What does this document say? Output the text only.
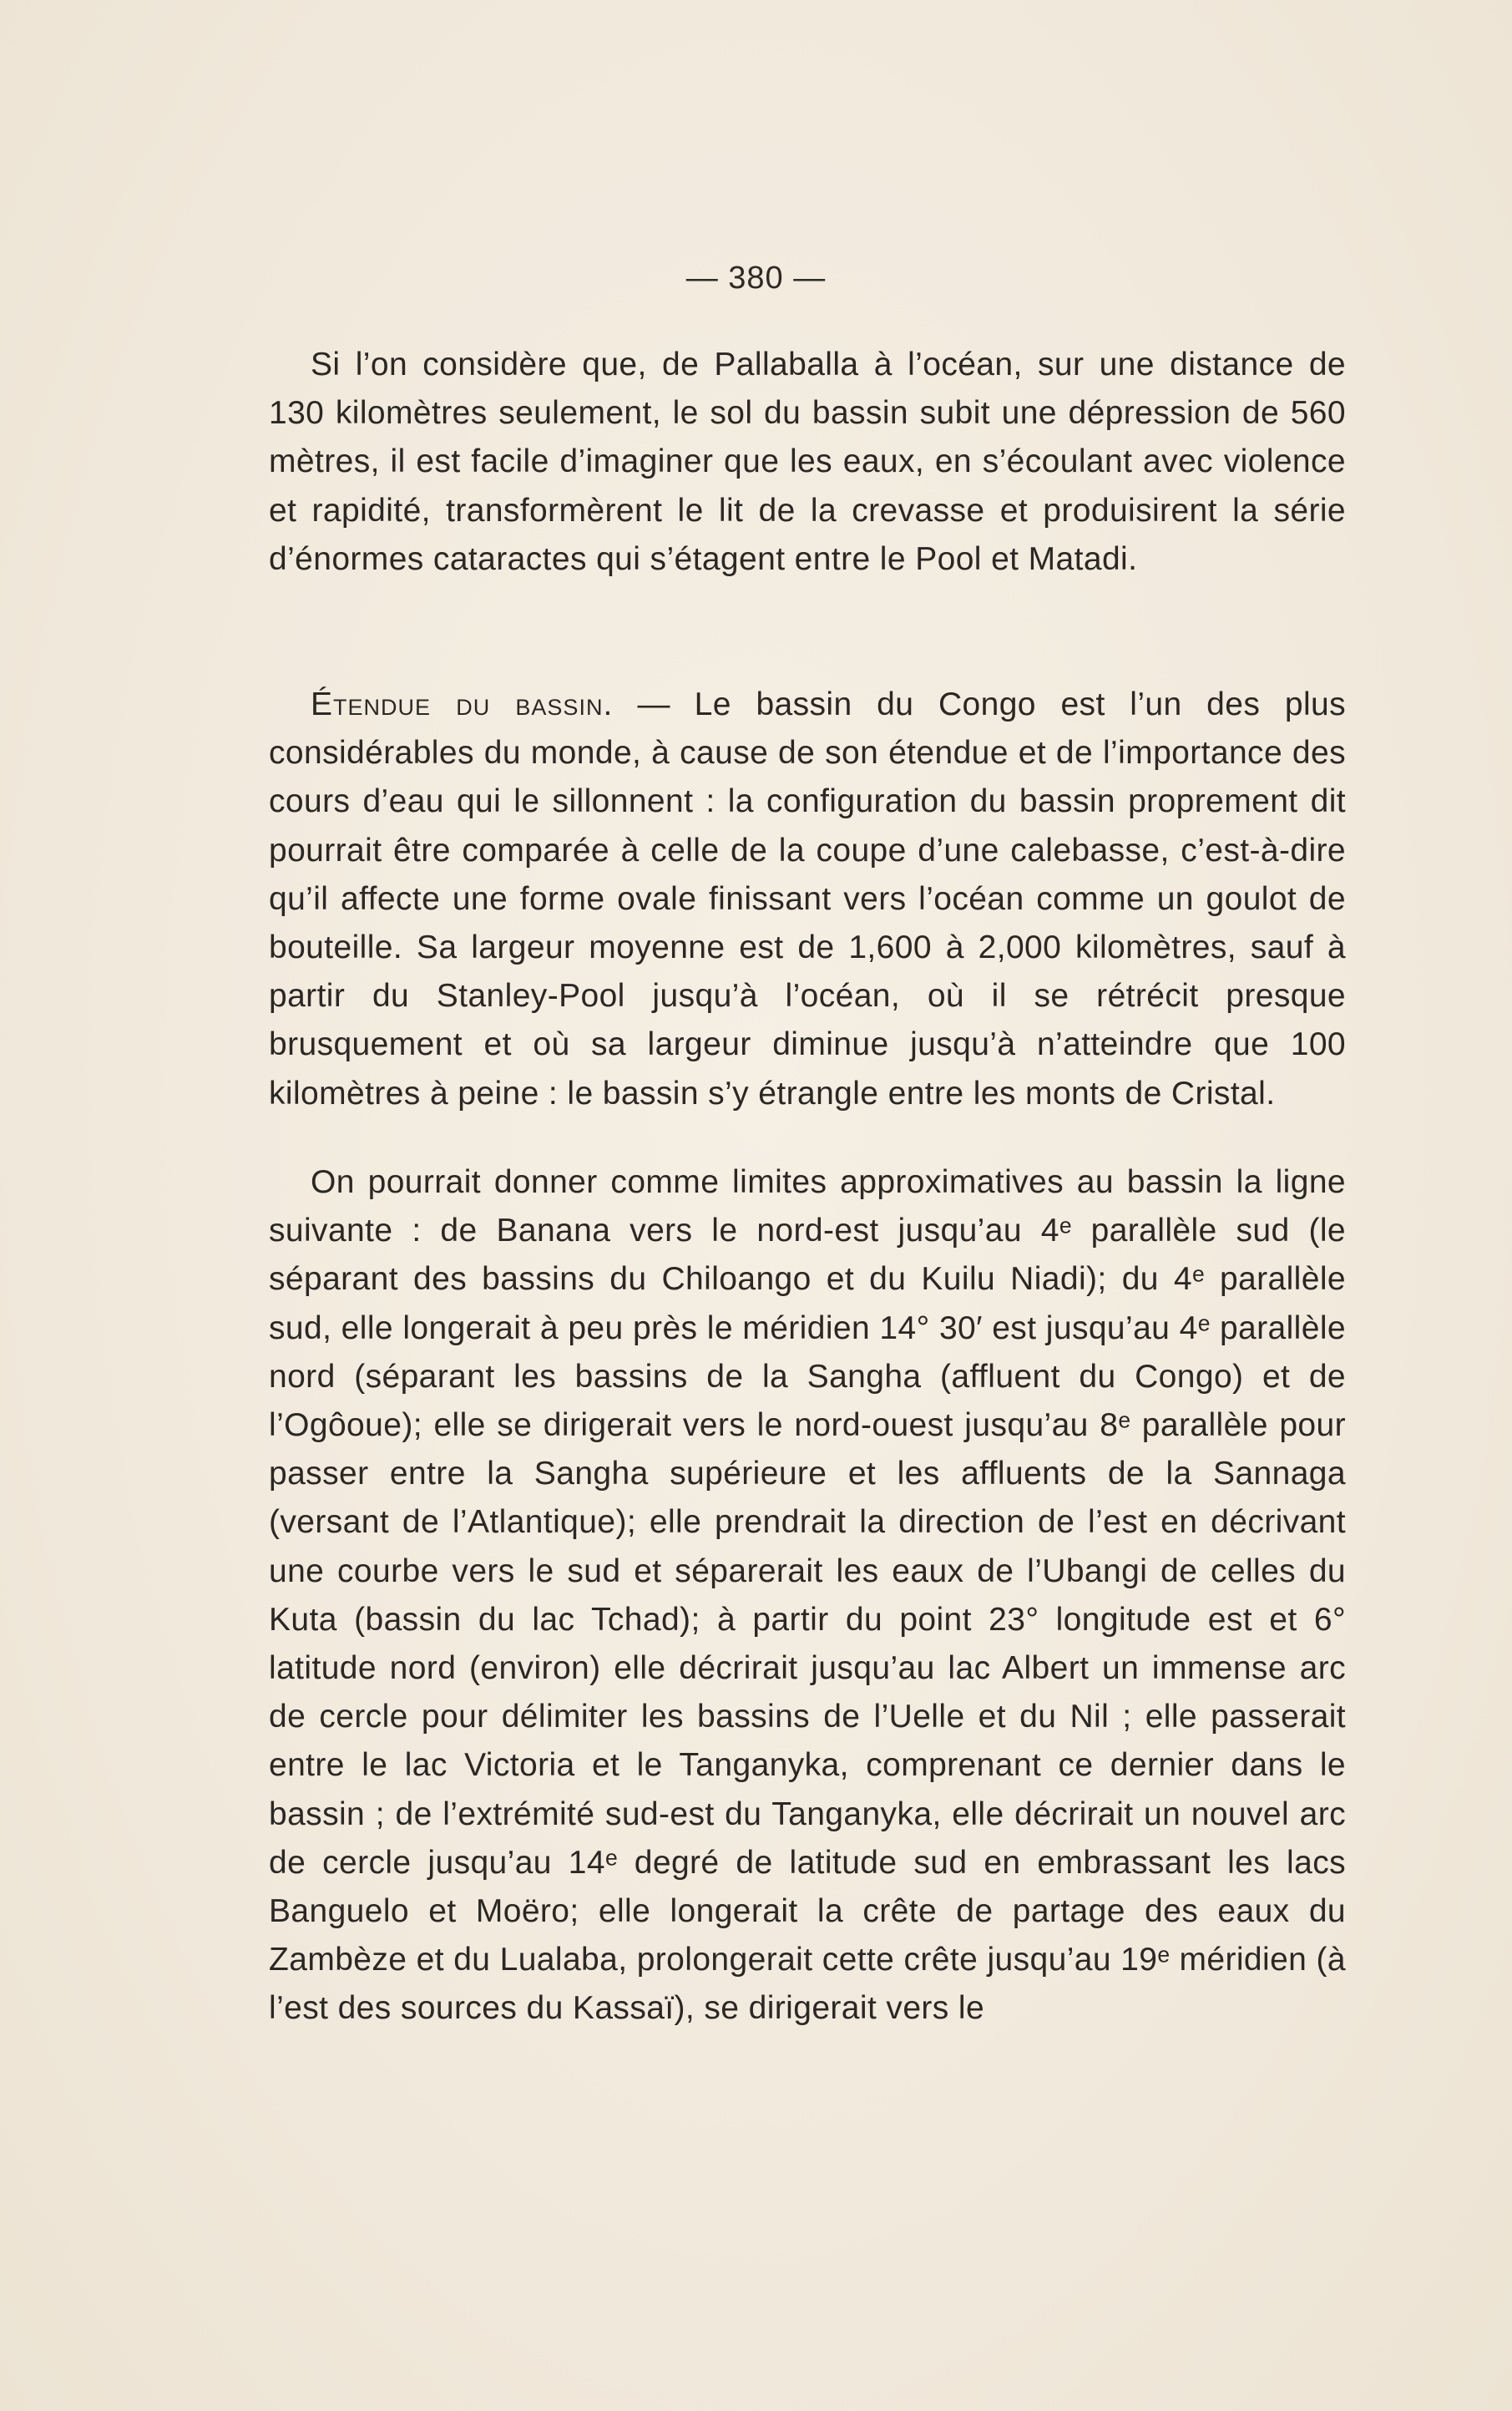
— 380 —

Si l’on considère que, de Pallaballa à l’océan, sur une distance de 130 kilomètres seulement, le sol du bassin subit une dépression de 560 mètres, il est facile d’imaginer que les eaux, en s’écoulant avec violence et rapidité, transformèrent le lit de la crevasse et produisirent la série d’énormes cataractes qui s’étagent entre le Pool et Matadi.

Étendue du bassin. — Le bassin du Congo est l’un des plus considérables du monde, à cause de son étendue et de l’importance des cours d’eau qui le sillonnent : la configuration du bassin proprement dit pourrait être comparée à celle de la coupe d’une calebasse, c’est-à-dire qu’il affecte une forme ovale finissant vers l’océan comme un goulot de bouteille. Sa largeur moyenne est de 1,600 à 2,000 kilomètres, sauf à partir du Stanley-Pool jusqu’à l’océan, où il se rétrécit presque brusquement et où sa largeur diminue jusqu’à n’atteindre que 100 kilomètres à peine : le bassin s’y étrangle entre les monts de Cristal.

On pourrait donner comme limites approximatives au bassin la ligne suivante : de Banana vers le nord-est jusqu’au 4ᵉ parallèle sud (le séparant des bassins du Chiloango et du Kuilu Niadi); du 4ᵉ parallèle sud, elle longerait à peu près le méridien 14° 30′ est jusqu’au 4ᵉ parallèle nord (séparant les bassins de la Sangha (affluent du Congo) et de l’Ogôoue); elle se dirigerait vers le nord-ouest jusqu’au 8ᵉ parallèle pour passer entre la Sangha supérieure et les affluents de la Sannaga (versant de l’Atlantique); elle prendrait la direction de l’est en décrivant une courbe vers le sud et séparerait les eaux de l’Ubangi de celles du Kuta (bassin du lac Tchad); à partir du point 23° longitude est et 6° latitude nord (environ) elle décrirait jusqu’au lac Albert un immense arc de cercle pour délimiter les bassins de l’Uelle et du Nil ; elle passerait entre le lac Victoria et le Tanganyka, comprenant ce dernier dans le bassin ; de l’extrémité sud-est du Tanganyka, elle décrirait un nouvel arc de cercle jusqu’au 14ᵉ degré de latitude sud en embrassant les lacs Banguelo et Moëro; elle longerait la crête de partage des eaux du Zambèze et du Lualaba, prolongerait cette crête jusqu’au 19ᵉ méridien (à l’est des sources du Kassaï), se dirigerait vers le
